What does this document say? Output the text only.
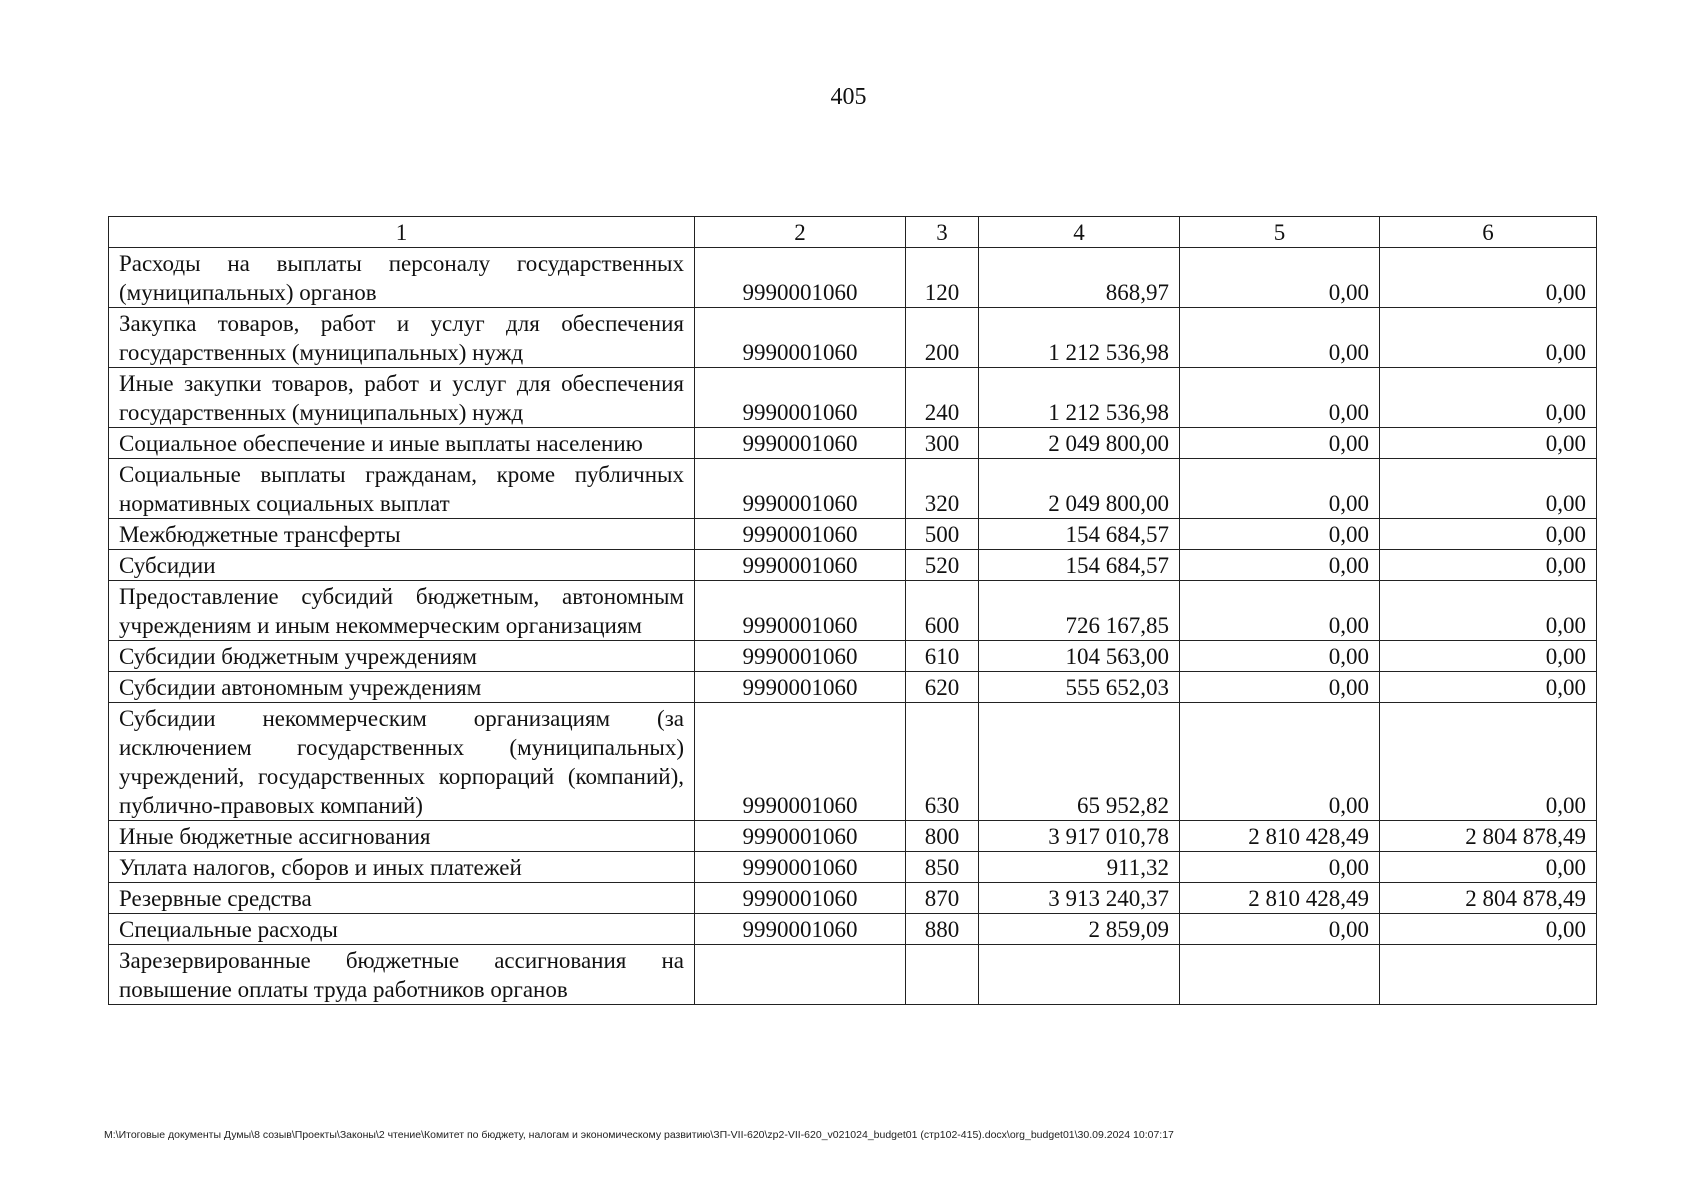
405
1	2	3	4	5	6
Расходы на выплаты персоналу государственных (муниципальных) органов	9990001060	120	868,97	0,00	0,00
Закупка товаров, работ и услуг для обеспечения государственных (муниципальных) нужд	9990001060	200	1 212 536,98	0,00	0,00
Иные закупки товаров, работ и услуг для обеспечения государственных (муниципальных) нужд	9990001060	240	1 212 536,98	0,00	0,00
Социальное обеспечение и иные выплаты населению	9990001060	300	2 049 800,00	0,00	0,00
Социальные выплаты гражданам, кроме публичных нормативных социальных выплат	9990001060	320	2 049 800,00	0,00	0,00
Межбюджетные трансферты	9990001060	500	154 684,57	0,00	0,00
Субсидии	9990001060	520	154 684,57	0,00	0,00
Предоставление субсидий бюджетным, автономным учреждениям и иным некоммерческим организациям	9990001060	600	726 167,85	0,00	0,00
Субсидии бюджетным учреждениям	9990001060	610	104 563,00	0,00	0,00
Субсидии автономным учреждениям	9990001060	620	555 652,03	0,00	0,00
Субсидии некоммерческим организациям (за исключением государственных (муниципальных) учреждений, государственных корпораций (компаний), публично-правовых компаний)	9990001060	630	65 952,82	0,00	0,00
Иные бюджетные ассигнования	9990001060	800	3 917 010,78	2 810 428,49	2 804 878,49
Уплата налогов, сборов и иных платежей	9990001060	850	911,32	0,00	0,00
Резервные средства	9990001060	870	3 913 240,37	2 810 428,49	2 804 878,49
Специальные расходы	9990001060	880	2 859,09	0,00	0,00
Зарезервированные бюджетные ассигнования на повышение оплаты труда работников органов					
M:\Итоговые документы Думы\8 созыв\Проекты\Законы\2 чтение\Комитет по бюджету, налогам и экономическому развитию\ЗП-VII-620\zp2-VII-620_v021024_budget01 (стр102-415).docx\org_budget01\30.09.2024 10:07:17
